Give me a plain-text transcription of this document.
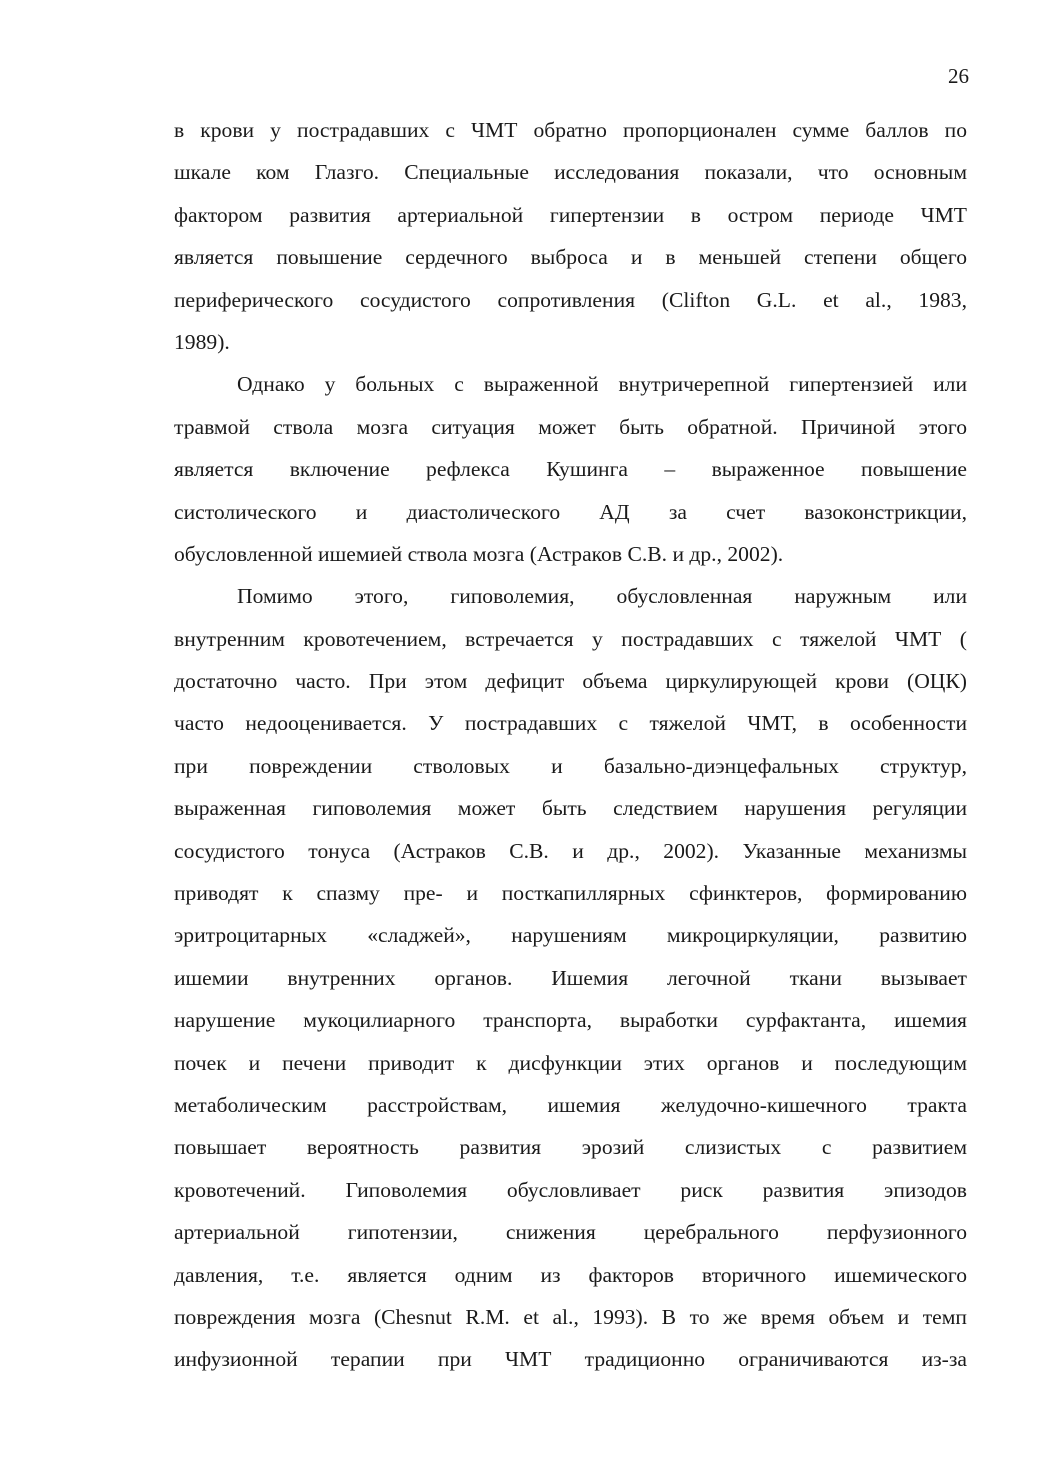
26
в крови у пострадавших с ЧМТ обратно пропорционален сумме баллов по
шкале ком Глазго. Специальные исследования показали, что основным
фактором развития артериальной гипертензии в остром периоде ЧМТ
является повышение сердечного выброса и в меньшей степени общего
периферического сосудистого сопротивления (Clifton G.L. et al., 1983,
1989).
Однако у больных с выраженной внутричерепной гипертензией или
травмой ствола мозга ситуация может быть обратной. Причиной этого
является включение рефлекса Кушинга – выраженное повышение
систолического и диастолического АД за счет вазоконстрикции,
обусловленной ишемией ствола мозга (Астраков С.В. и др., 2002).
Помимо этого, гиповолемия, обусловленная наружным или
внутренним кровотечением, встречается у пострадавших с тяжелой ЧМТ (
достаточно часто. При этом дефицит объема циркулирующей крови (ОЦК)
часто недооценивается. У пострадавших с тяжелой ЧМТ, в особенности
при повреждении стволовых и базально-диэнцефальных структур,
выраженная гиповолемия может быть следствием нарушения регуляции
сосудистого тонуса (Астраков С.В. и др., 2002). Указанные механизмы
приводят к спазму пре- и посткапиллярных сфинктеров, формированию
эритроцитарных «сладжей», нарушениям микроциркуляции, развитию
ишемии внутренних органов. Ишемия легочной ткани вызывает
нарушение мукоцилиарного транспорта, выработки сурфактанта, ишемия
почек и печени приводит к дисфункции этих органов и последующим
метаболическим расстройствам, ишемия желудочно-кишечного тракта
повышает вероятность развития эрозий слизистых с развитием
кровотечений. Гиповолемия обусловливает риск развития эпизодов
артериальной гипотензии, снижения церебрального перфузионного
давления, т.е. является одним из факторов вторичного ишемического
повреждения мозга (Chesnut R.M. et al., 1993). В то же время объем и темп
инфузионной терапии при ЧМТ традиционно ограничиваются из-за
